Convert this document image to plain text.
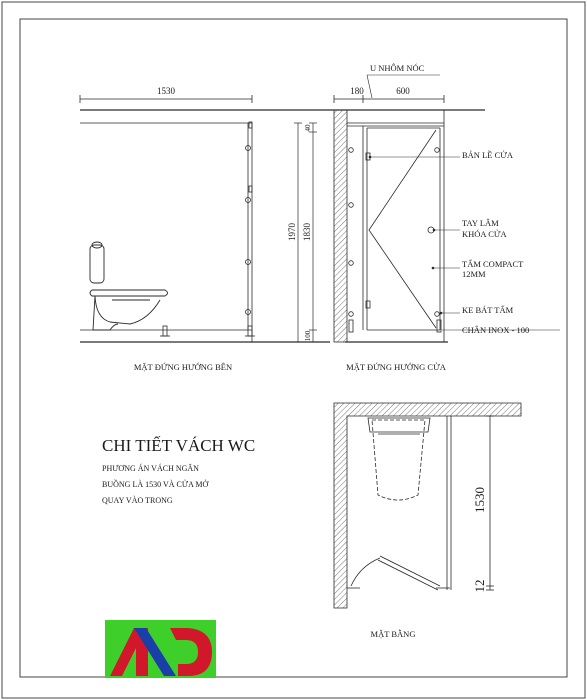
1530
1970 1830
40
100
MẶT ĐỨNG HƯỚNG BÊN
180	600
U NHÔM NÓC
BẢN LỀ CỬA
TAY LÂM
KHÓA CỬA
TẤM COMPACT
12MM
KE BÁT TẤM
CHÂN INOX - 100
MẶT ĐỨNG HƯỚNG CỬA
CHI TIẾT VÁCH WC
PHƯƠNG ÁN VÁCH NGĂN
BUỒNG LÀ 1530 VÀ CỬA MỞ
QUAY VÀO TRONG	1530
12
MẶT BẰNG
